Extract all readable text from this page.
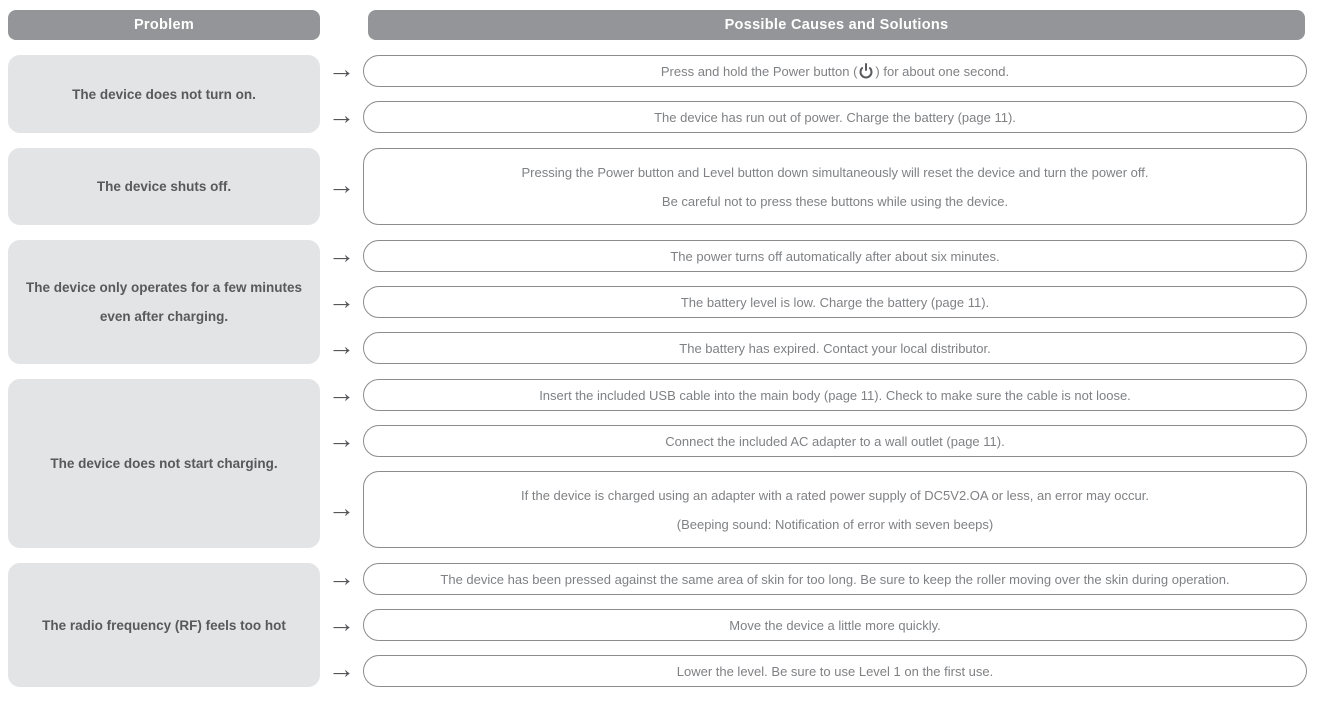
Problem	Possible Causes and Solutions
The device does not turn on.
→	Press and hold the Power button ( ) for about one second.
→	The device has run out of power. Charge the battery (page 11).
The device shuts off.	→	Pressing the Power button and Level button down simultaneously will reset the device and turn the power off.
Be careful not to press these buttons while using the device.
The device only operates for a few minutes
even after charging.
→	The power turns off automatically after about six minutes.
→	The battery level is low. Charge the battery (page 11).
→	The battery has expired. Contact your local distributor.
The device does not start charging.
→	Insert the included USB cable into the main body (page 11). Check to make sure the cable is not loose.
→	Connect the included AC adapter to a wall outlet (page 11).
→	If the device is charged using an adapter with a rated power supply of DC5V2.OA or less, an error may occur.
(Beeping sound: Notification of error with seven beeps)
The radio frequency (RF) feels too hot
→	The device has been pressed against the same area of skin for too long. Be sure to keep the roller moving over the skin during operation.
→	Move the device a little more quickly.
→	Lower the level. Be sure to use Level 1 on the first use.
